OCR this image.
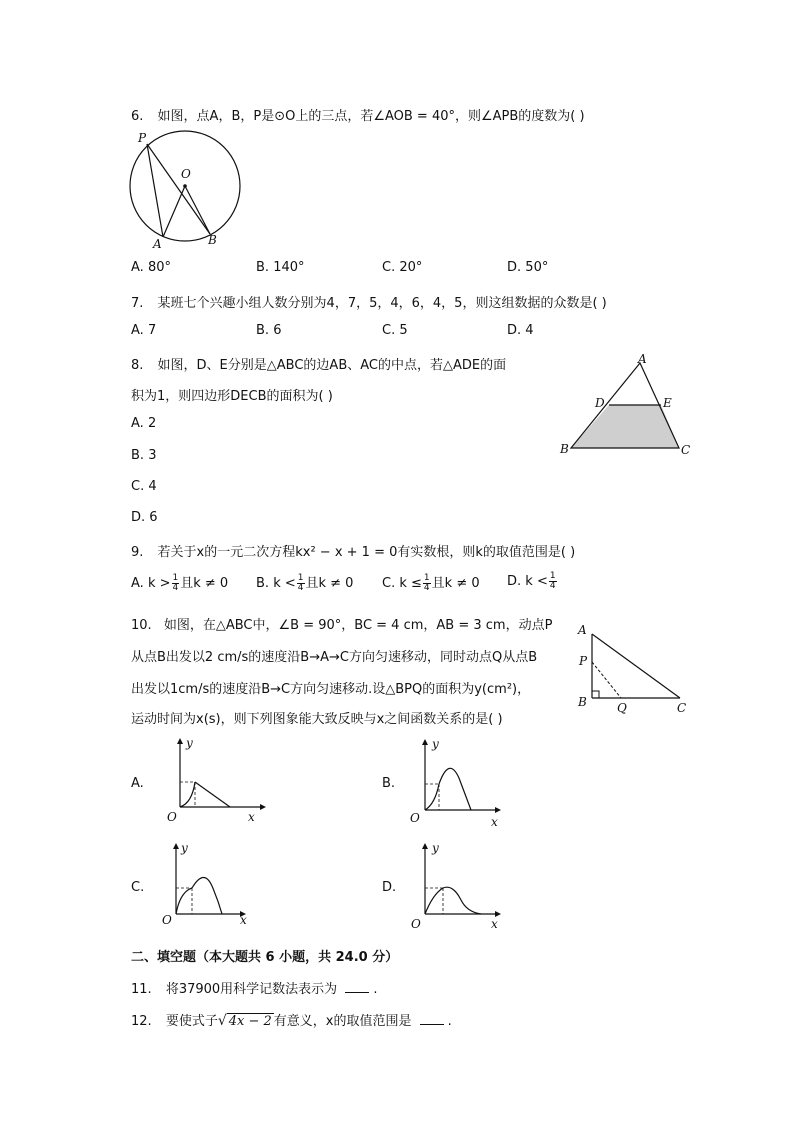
6. 如图，点A，B，P是⊙O上的三点，若∠AOB = 40°，则∠APB的度数为( )
P
O
A	B
A. 80°	B. 140°	C. 20°	D. 50°
7. 某班七个兴趣小组人数分别为4，7，5，4，6，4，5，则这组数据的众数是( )
A. 7	B. 6	C. 5	D. 4
8. 如图，D、E分别是△ABC的边AB、AC的中点，若△ADE的面
积为1，则四边形DECB的面积为( )
A. 2
B. 3
C. 4
D. 6
A
D	E
B	C
9. 若关于x的一元二次方程kx² − x + 1 = 0有实数根，则k的取值范围是( )
A. $k > \frac{1}{4}$ 且k ≠ 0 B. $k < \frac{1}{4}$ 且k ≠ 0 C. $k \le \frac{1}{4}$ 且k ≠ 0 D. $k < \frac{1}{4}$
10. 如图，在△ABC中，∠B = 90°，BC = 4 cm，AB = 3 cm，动点P
从点B出发以2 cm/s的速度沿B→A→C方向匀速移动，同时动点Q从点B
出发以1cm/s的速度沿B→C方向匀速移动.设△BPQ的面积为y(cm²)，
运动时间为x(s)，则下列图象能大致反映与x之间函数关系的是( )
A
P
B	Q	C
A.
y
x
O
B.
y
x
O
C.
y
x
O
D.
y
x
O
二、填空题（本大题共 6 小题，共 24.0 分）
11. 将37900用科学记数法表示为	.
12. 要使式子√ 4x − 2 有意义，x的取值范围是	.
